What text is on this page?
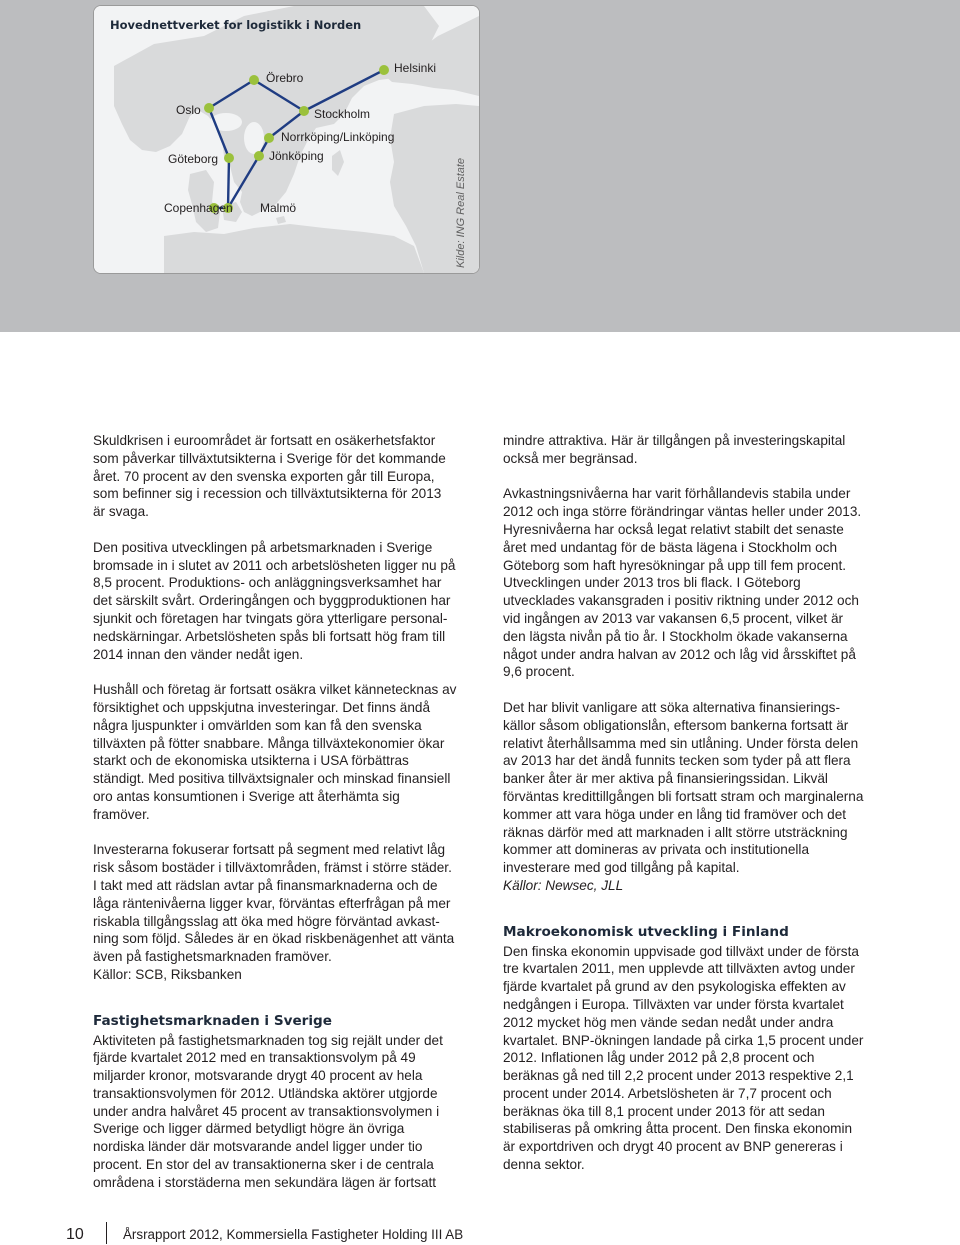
Helsinki
Örebro
Oslo	Stockholm
Norrköping/Linköping
Göteborg	Jönköping
Copenhagen Malmö
Hovednettverket for logistikk i Norden
Kilde: ING Real Estate

Skuldkrisen i euroområdet är fortsatt en osäkerhetsfaktor
som påverkar tillväxtutsikterna i Sverige för det kommande
året. 70 procent av den svenska exporten går till Europa,
som befinner sig i recession och tillväxtutsikterna för 2013
är svaga.

Den positiva utvecklingen på arbetsmarknaden i Sverige
bromsade in i slutet av 2011 och arbetslösheten ligger nu på
8,5 procent. Produktions- och anläggningsverksamhet har
det särskilt svårt. Orderingången och byggproduktionen har
sjunkit och företagen har tvingats göra ytterligare personal-
nedskärningar. Arbetslösheten spås bli fortsatt hög fram till
2014 innan den vänder nedåt igen.

Hushåll och företag är fortsatt osäkra vilket kännetecknas av
försiktighet och uppskjutna investeringar. Det finns ändå
några ljuspunkter i omvärlden som kan få den svenska
tillväxten på fötter snabbare. Många tillväxtekonomier ökar
starkt och de ekonomiska utsikterna i USA förbättras
ständigt. Med positiva tillväxtsignaler och minskad finansiell
oro antas konsumtionen i Sverige att återhämta sig
framöver.

Investerarna fokuserar fortsatt på segment med relativt låg
risk såsom bostäder i tillväxtområden, främst i större städer.
I takt med att rädslan avtar på finansmarknaderna och de
låga räntenivåerna ligger kvar, förväntas efterfrågan på mer
riskabla tillgångsslag att öka med högre förväntad avkast-
ning som följd. Således är en ökad riskbenägenhet att vänta
även på fastighetsmarknaden framöver.
Källor: SCB, Riksbanken

Fastighetsmarknaden i Sverige

Aktiviteten på fastighetsmarknaden tog sig rejält under det
fjärde kvartalet 2012 med en transaktionsvolym på 49
miljarder kronor, motsvarande drygt 40 procent av hela
transaktionsvolymen för 2012. Utländska aktörer utgjorde
under andra halvåret 45 procent av transaktionsvolymen i
Sverige och ligger därmed betydligt högre än övriga
nordiska länder där motsvarande andel ligger under tio
procent. En stor del av transaktionerna sker i de centrala
områdena i storstäderna men sekundära lägen är fortsatt

mindre attraktiva. Här är tillgången på investeringskapital
också mer begränsad.

Avkastningsnivåerna har varit förhållandevis stabila under
2012 och inga större förändringar väntas heller under 2013.
Hyresnivåerna har också legat relativt stabilt det senaste
året med undantag för de bästa lägena i Stockholm och
Göteborg som haft hyresökningar på upp till fem procent.
Utvecklingen under 2013 tros bli flack. I Göteborg
utvecklades vakansgraden i positiv riktning under 2012 och
vid ingången av 2013 var vakansen 6,5 procent, vilket är
den lägsta nivån på tio år. I Stockholm ökade vakanserna
något under andra halvan av 2012 och låg vid årsskiftet på
9,6 procent.

Det har blivit vanligare att söka alternativa finansierings-
källor såsom obligationslån, eftersom bankerna fortsatt är
relativt återhållsamma med sin utlåning. Under första delen
av 2013 har det ändå funnits tecken som tyder på att flera
banker åter är mer aktiva på finansieringssidan. Likväl
förväntas kredittillgången bli fortsatt stram och marginalerna
kommer att vara höga under en lång tid framöver och det
räknas därför med att marknaden i allt större utsträckning
kommer att domineras av privata och institutionella
investerare med god tillgång på kapital.

Källor: Newsec, JLL

Makroekonomisk utveckling i Finland

Den finska ekonomin uppvisade god tillväxt under de första
tre kvartalen 2011, men upplevde att tillväxten avtog under
fjärde kvartalet på grund av den psykologiska effekten av
nedgången i Europa. Tillväxten var under första kvartalet
2012 mycket hög men vände sedan nedåt under andra
kvartalet. BNP-ökningen landade på cirka 1,5 procent under
2012. Inflationen låg under 2012 på 2,8 procent och
beräknas gå ned till 2,2 procent under 2013 respektive 2,1
procent under 2014. Arbetslösheten är 7,7 procent och
beräknas öka till 8,1 procent under 2013 för att sedan
stabiliseras på omkring åtta procent. Den finska ekonomin
är exportdriven och drygt 40 procent av BNP genereras i
denna sektor.

10	Årsrapport 2012, Kommersiella Fastigheter Holding III AB
